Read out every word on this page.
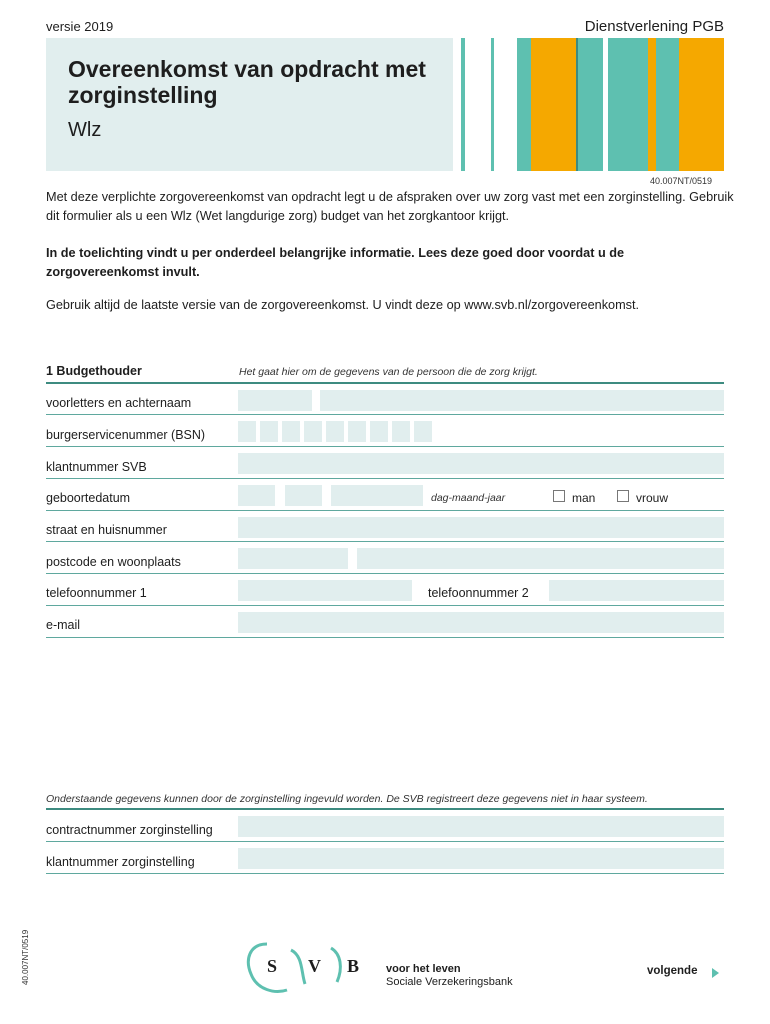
versie 2019	Dienstverlening PGB
Overeenkomst van opdracht met zorginstelling
Wlz
40.007NT/0519
Met deze verplichte zorgovereenkomst van opdracht legt u de afspraken over uw zorg vast met een zorginstelling. Gebruik dit formulier als u een Wlz (Wet langdurige zorg) budget van het zorgkantoor krijgt.
In de toelichting vindt u per onderdeel belangrijke informatie. Lees deze goed door voordat u de zorgovereenkomst invult.
Gebruik altijd de laatste versie van de zorgovereenkomst. U vindt deze op www.svb.nl/zorgovereenkomst.
1 Budgethouder	Het gaat hier om de gegevens van de persoon die de zorg krijgt.
voorletters en achternaam
burgerservicenummer (BSN)
klantnummer SVB
geboortedatum	dag-maand-jaar	man	vrouw
straat en huisnummer
postcode en woonplaats
telefoonnummer 1	telefoonnummer 2
e-mail
Onderstaande gegevens kunnen door de zorginstelling ingevuld worden. De SVB registreert deze gegevens niet in haar systeem.
contractnummer zorginstelling
klantnummer zorginstelling
40.007NT/0519	S V B voor het leven
Sociale Verzekeringsbank
volgende
